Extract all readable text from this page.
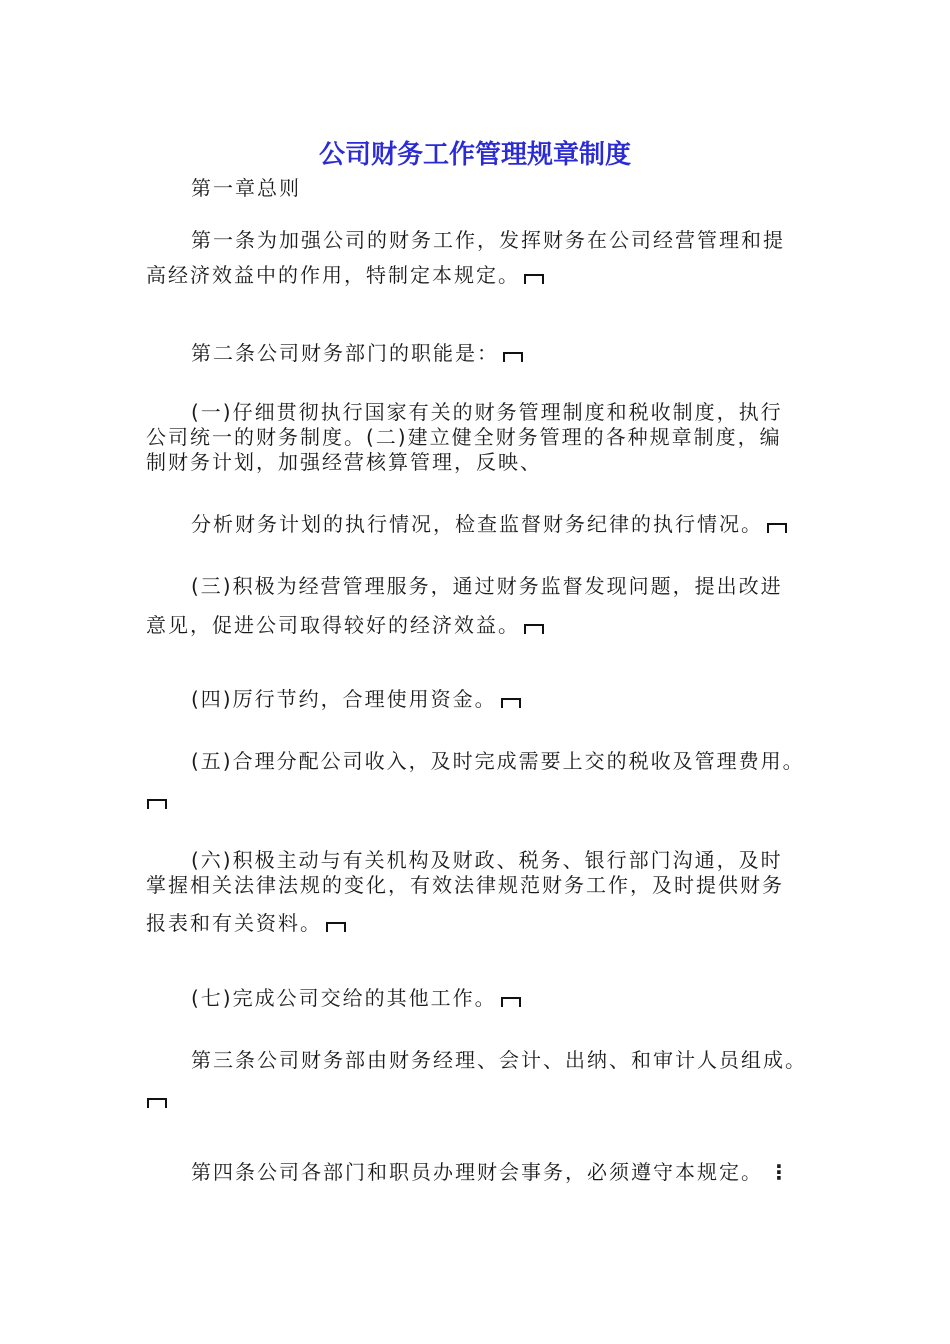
公司财务工作管理规章制度
第一章总则
第一条为加强公司的财务工作，发挥财务在公司经营管理和提
高经济效益中的作用，特制定本规定。
第二条公司财务部门的职能是：
(一)仔细贯彻执行国家有关的财务管理制度和税收制度，执行
公司统一的财务制度。(二)建立健全财务管理的各种规章制度，编
制财务计划，加强经营核算管理，反映、
分析财务计划的执行情况，检查监督财务纪律的执行情况。
(三)积极为经营管理服务，通过财务监督发现问题，提出改进
意见，促进公司取得较好的经济效益。
(四)厉行节约，合理使用资金。
(五)合理分配公司收入，及时完成需要上交的税收及管理费用。
(六)积极主动与有关机构及财政、税务、银行部门沟通，及时
掌握相关法律法规的变化，有效法律规范财务工作，及时提供财务
报表和有关资料。
(七)完成公司交给的其他工作。
第三条公司财务部由财务经理、会计、出纳、和审计人员组成。
第四条公司各部门和职员办理财会事务，必须遵守本规定。 ⋮
